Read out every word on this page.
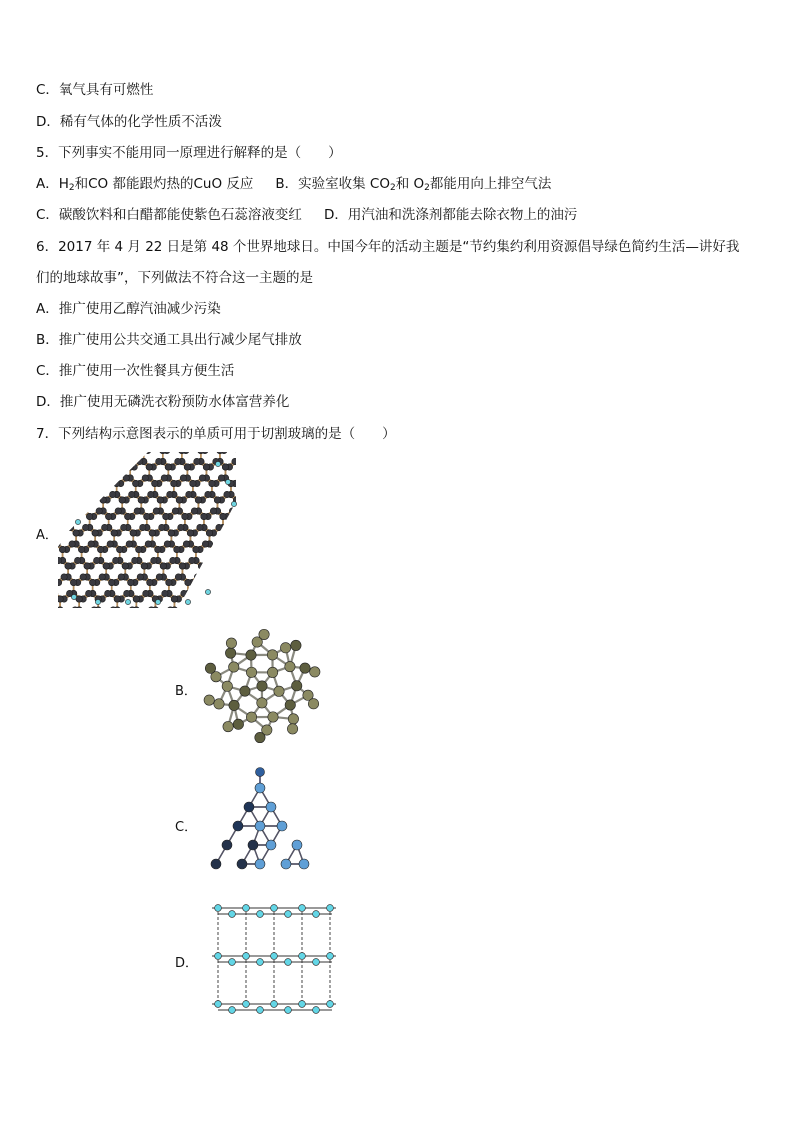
C．氧气具有可燃性
D．稀有气体的化学性质不活泼
5．下列事实不能用同一原理进行解释的是（　　）
A．$H_2$和CO 都能跟灼热的CuO 反应 B．实验室收集 $CO_2$和 $O_2$都能用向上排空气法
C．碳酸饮料和白醋都能使紫色石蕊溶液变红 D．用汽油和洗涤剂都能去除衣物上的油污
6．2017 年 4 月 22 日是第 48 个世界地球日。中国今年的活动主题是“节约集约利用资源倡导绿色简约生活—讲好我
们的地球故事”，下列做法不符合这一主题的是
A．推广使用乙醇汽油减少污染
B．推广使用公共交通工具出行减少尾气排放
C．推广使用一次性餐具方便生活
D．推广使用无磷洗衣粉预防水体富营养化
7．下列结构示意图表示的单质可用于切割玻璃的是（　　）
A．
B．
C．
D．
